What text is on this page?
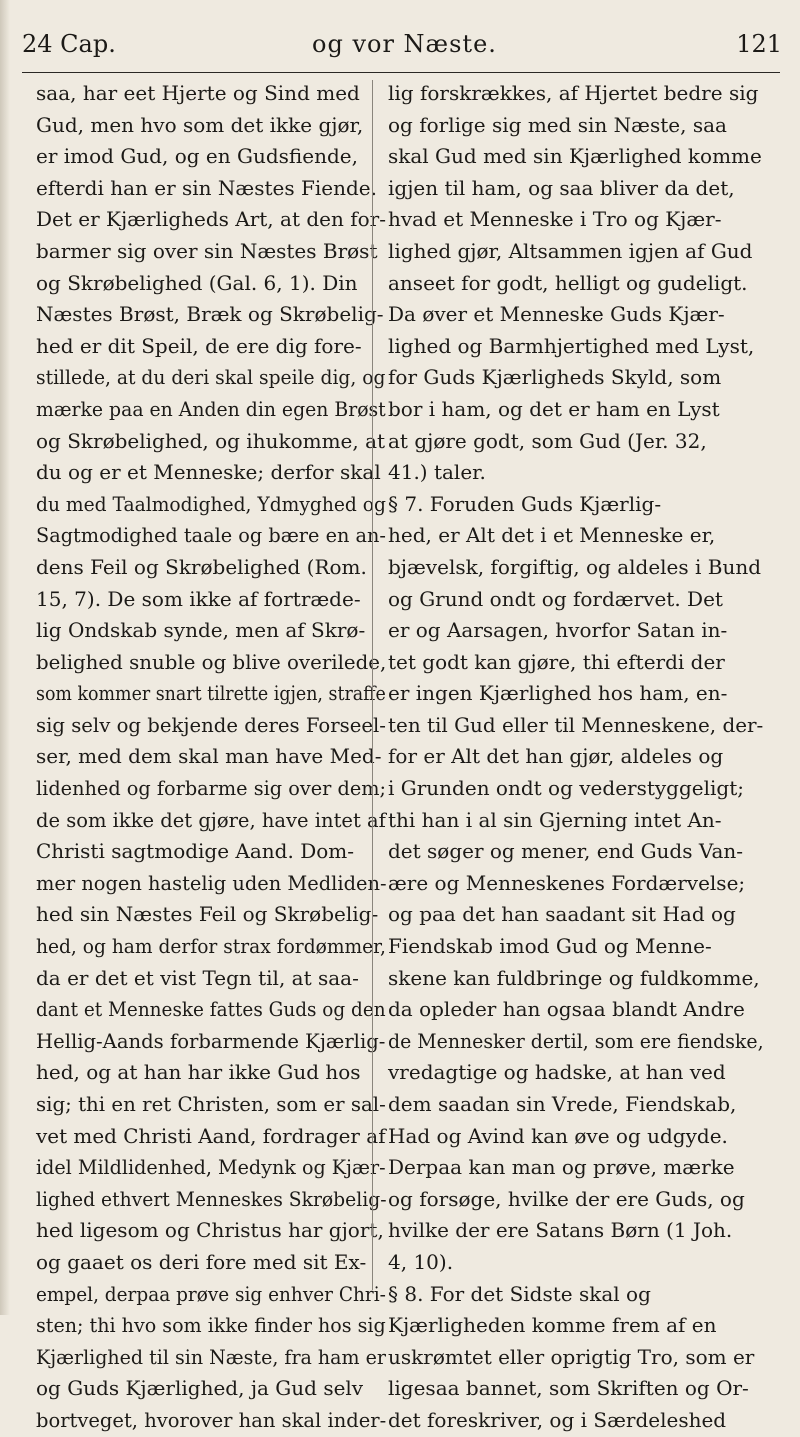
24 Cap.	og vor Næste.	121
saa, har eet Hjerte og Sind med
Gud, men hvo som det ikke gjør,
er imod Gud, og en Gudsfiende,
efterdi han er sin Næstes Fiende.
Det er Kjærligheds Art, at den for-
barmer sig over sin Næstes Brøst
og Skrøbelighed (Gal. 6, 1). Din
Næstes Brøst, Bræk og Skrøbelig-
hed er dit Speil, de ere dig fore-
stillede, at du deri skal speile dig, og
mærke paa en Anden din egen Brøst
og Skrøbelighed, og ihukomme, at
du og er et Menneske; derfor skal
du med Taalmodighed, Ydmyghed og
Sagtmodighed taale og bære en an-
dens Feil og Skrøbelighed (Rom.
15, 7). De som ikke af fortræde-
lig Ondskab synde, men af Skrø-
belighed snuble og blive overilede,
som kommer snart tilrette igjen, straffe
sig selv og bekjende deres Forseel-
ser, med dem skal man have Med-
lidenhed og forbarme sig over dem;
de som ikke det gjøre, have intet af
Christi sagtmodige Aand. Dom-
mer nogen hastelig uden Medliden-
hed sin Næstes Feil og Skrøbelig-
hed, og ham derfor strax fordømmer,
da er det et vist Tegn til, at saa-
dant et Menneske fattes Guds og den
Hellig-Aands forbarmende Kjærlig-
hed, og at han har ikke Gud hos
sig; thi en ret Christen, som er sal-
vet med Christi Aand, fordrager af
idel Mildlidenhed, Medynk og Kjær-
lighed ethvert Menneskes Skrøbelig-
hed ligesom og Christus har gjort,
og gaaet os deri fore med sit Ex-
empel, derpaa prøve sig enhver Chri-
sten; thi hvo som ikke finder hos sig
Kjærlighed til sin Næste, fra ham er
og Guds Kjærlighed, ja Gud selv
bortveget, hvorover han skal inder-
lig forskrækkes, af Hjertet bedre sig
og forlige sig med sin Næste, saa
skal Gud med sin Kjærlighed komme
igjen til ham, og saa bliver da det,
hvad et Menneske i Tro og Kjær-
lighed gjør, Altsammen igjen af Gud
anseet for godt, helligt og gudeligt.
Da øver et Menneske Guds Kjær-
lighed og Barmhjertighed med Lyst,
for Guds Kjærligheds Skyld, som
bor i ham, og det er ham en Lyst
at gjøre godt, som Gud (Jer. 32,
41.) taler.
§ 7. Foruden Guds Kjærlig-
hed, er Alt det i et Menneske er,
bjævelsk, forgiftig, og aldeles i Bund
og Grund ondt og fordærvet. Det
er og Aarsagen, hvorfor Satan in-
tet godt kan gjøre, thi efterdi der
er ingen Kjærlighed hos ham, en-
ten til Gud eller til Menneskene, der-
for er Alt det han gjør, aldeles og
i Grunden ondt og vederstyggeligt;
thi han i al sin Gjerning intet An-
det søger og mener, end Guds Van-
ære og Menneskenes Fordærvelse;
og paa det han saadant sit Had og
Fiendskab imod Gud og Menne-
skene kan fuldbringe og fuldkomme,
da opleder han ogsaa blandt Andre
de Mennesker dertil, som ere fiendske,
vredagtige og hadske, at han ved
dem saadan sin Vrede, Fiendskab,
Had og Avind kan øve og udgyde.
Derpaa kan man og prøve, mærke
og forsøge, hvilke der ere Guds, og
hvilke der ere Satans Børn (1 Joh.
4, 10).
§ 8. For det Sidste skal og
Kjærligheden komme frem af en
uskrømtet eller oprigtig Tro, som er
ligesaa bannet, som Skriften og Or-
det foreskriver, og i Særdeleshed
